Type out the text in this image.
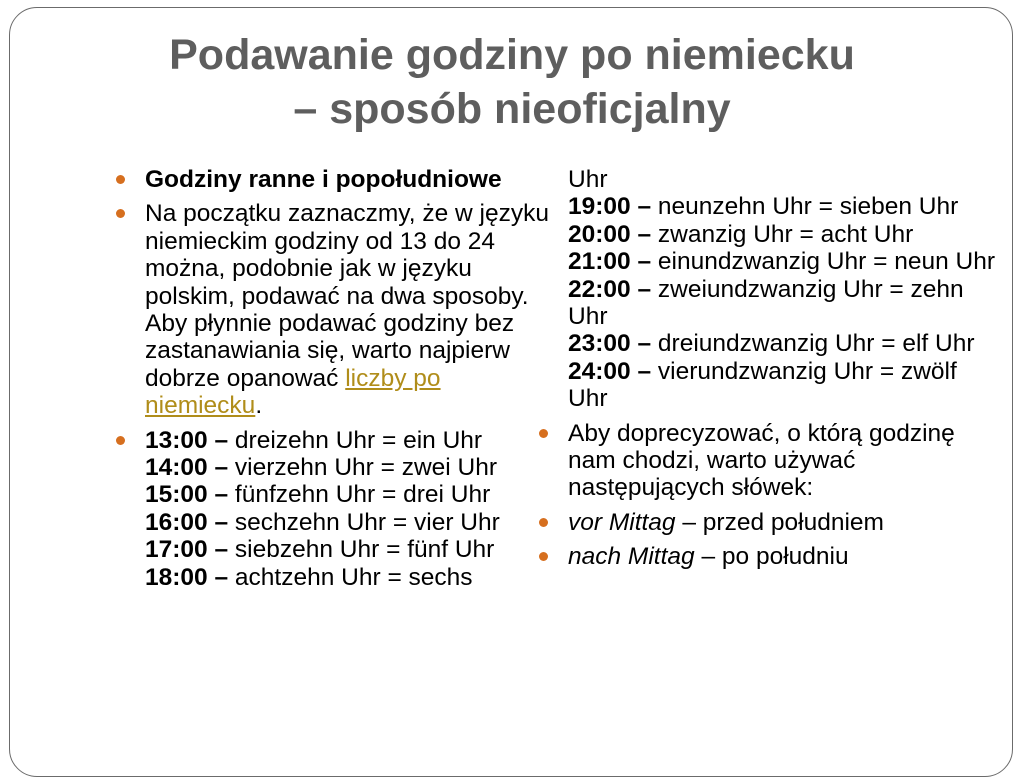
Podawanie godziny po niemiecku
– sposób nieoficjalny
Godziny ranne i popołudniowe
Na początku zaznaczmy, że w języku niemieckim godziny od 13 do 24 można, podobnie jak w języku polskim, podawać na dwa sposoby. Aby płynnie podawać godziny bez zastanawiania się, warto najpierw dobrze opanować liczby po niemiecku.
13:00 – dreizehn Uhr = ein Uhr
14:00 – vierzehn Uhr = zwei Uhr
15:00 – fünfzehn Uhr = drei Uhr
16:00 – sechzehn Uhr = vier Uhr
17:00 – siebzehn Uhr = fünf Uhr
18:00 – achtzehn Uhr = sechs
Uhr
19:00 – neunzehn Uhr = sieben Uhr
20:00 – zwanzig Uhr = acht Uhr
21:00 – einundzwanzig Uhr = neun Uhr
22:00 – zweiundzwanzig Uhr = zehn Uhr
23:00 – dreiundzwanzig Uhr = elf Uhr
24:00 – vierundzwanzig Uhr = zwölf Uhr
Aby doprecyzować, o którą godzinę nam chodzi, warto używać następujących słówek:
vor Mittag – przed południem
nach Mittag – po południu
